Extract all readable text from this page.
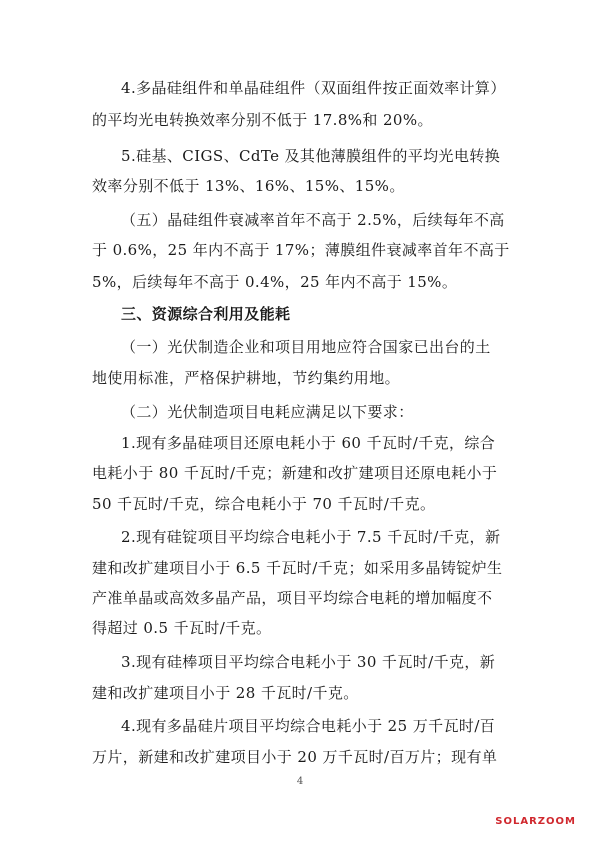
4.多晶硅组件和单晶硅组件（双面组件按正面效率计算）
的平均光电转换效率分别不低于 17.8%和 20%。
5.硅基、CIGS、CdTe 及其他薄膜组件的平均光电转换
效率分别不低于 13%、16%、15%、15%。
（五）晶硅组件衰减率首年不高于 2.5%，后续每年不高
于 0.6%，25 年内不高于 17%；薄膜组件衰减率首年不高于
5%，后续每年不高于 0.4%，25 年内不高于 15%。
三、资源综合利用及能耗
（一）光伏制造企业和项目用地应符合国家已出台的土
地使用标准，严格保护耕地，节约集约用地。
（二）光伏制造项目电耗应满足以下要求：
1.现有多晶硅项目还原电耗小于 60 千瓦时/千克，综合
电耗小于 80 千瓦时/千克；新建和改扩建项目还原电耗小于
50 千瓦时/千克，综合电耗小于 70 千瓦时/千克。
2.现有硅锭项目平均综合电耗小于 7.5 千瓦时/千克，新
建和改扩建项目小于 6.5 千瓦时/千克；如采用多晶铸锭炉生
产准单晶或高效多晶产品，项目平均综合电耗的增加幅度不
得超过 0.5 千瓦时/千克。
3.现有硅棒项目平均综合电耗小于 30 千瓦时/千克，新
建和改扩建项目小于 28 千瓦时/千克。
4.现有多晶硅片项目平均综合电耗小于 25 万千瓦时/百
万片，新建和改扩建项目小于 20 万千瓦时/百万片；现有单
4
SOLARZOOM
